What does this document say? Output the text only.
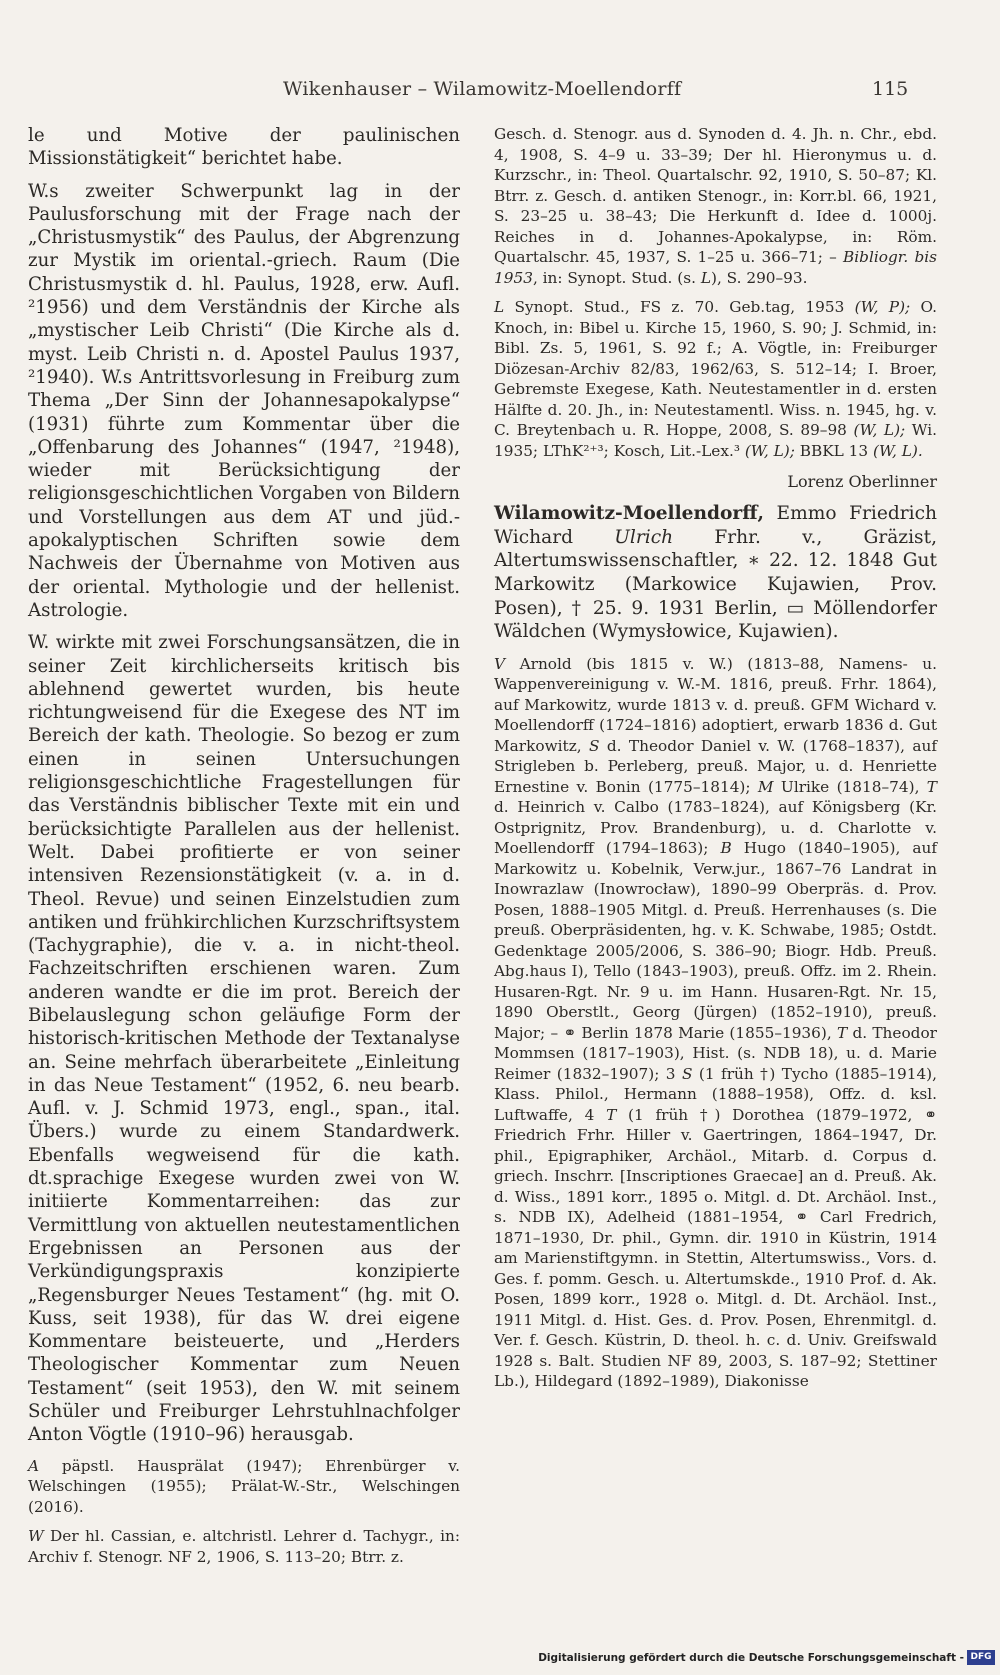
Wikenhauser – Wilamowitz-Moellendorff	115

le und Motive der paulinischen Missionstätigkeit“ berichtet habe.

W.s zweiter Schwerpunkt lag in der Paulusforschung mit der Frage nach der „Christusmystik“ des Paulus, der Abgrenzung zur Mystik im oriental.-griech. Raum (Die Christusmystik d. hl. Paulus, 1928, erw. Aufl. ²1956) und dem Verständnis der Kirche als „mystischer Leib Christi“ (Die Kirche als d. myst. Leib Christi n. d. Apostel Paulus 1937, ²1940). W.s Antrittsvorlesung in Freiburg zum Thema „Der Sinn der Johannesapokalypse“ (1931) führte zum Kommentar über die „Offenbarung des Johannes“ (1947, ²1948), wieder mit Berücksichtigung der religionsgeschichtlichen Vorgaben von Bildern und Vorstellungen aus dem AT und jüd.-apokalyptischen Schriften sowie dem Nachweis der Übernahme von Motiven aus der oriental. Mythologie und der hellenist. Astrologie.

W. wirkte mit zwei Forschungsansätzen, die in seiner Zeit kirchlicherseits kritisch bis ablehnend gewertet wurden, bis heute richtungweisend für die Exegese des NT im Bereich der kath. Theologie. So bezog er zum einen in seinen Untersuchungen religionsgeschichtliche Fragestellungen für das Verständnis biblischer Texte mit ein und berücksichtigte Parallelen aus der hellenist. Welt. Dabei profitierte er von seiner intensiven Rezensionstätigkeit (v. a. in d. Theol. Revue) und seinen Einzelstudien zum antiken und frühkirchlichen Kurzschriftsystem (Tachygraphie), die v. a. in nicht-theol. Fachzeitschriften erschienen waren. Zum anderen wandte er die im prot. Bereich der Bibelauslegung schon geläufige Form der historisch-kritischen Methode der Textanalyse an. Seine mehrfach überarbeitete „Einleitung in das Neue Testament“ (1952, 6. neu bearb. Aufl. v. J. Schmid 1973, engl., span., ital. Übers.) wurde zu einem Standardwerk. Ebenfalls wegweisend für die kath. dt.sprachige Exegese wurden zwei von W. initiierte Kommentarreihen: das zur Vermittlung von aktuellen neutestamentlichen Ergebnissen an Personen aus der Verkündigungspraxis konzipierte „Regensburger Neues Testament“ (hg. mit O. Kuss, seit 1938), für das W. drei eigene Kommentare beisteuerte, und „Herders Theologischer Kommentar zum Neuen Testament“ (seit 1953), den W. mit seinem Schüler und Freiburger Lehrstuhlnachfolger Anton Vögtle (1910–96) herausgab.

A päpstl. Hausprälat (1947); Ehrenbürger v. Welschingen (1955); Prälat-W.-Str., Welschingen (2016).

W Der hl. Cassian, e. altchristl. Lehrer d. Tachygr., in: Archiv f. Stenogr. NF 2, 1906, S. 113–20; Btrr. z.

Gesch. d. Stenogr. aus d. Synoden d. 4. Jh. n. Chr., ebd. 4, 1908, S. 4–9 u. 33–39; Der hl. Hieronymus u. d. Kurzschr., in: Theol. Quartalschr. 92, 1910, S. 50–87; Kl. Btrr. z. Gesch. d. antiken Stenogr., in: Korr.bl. 66, 1921, S. 23–25 u. 38–43; Die Herkunft d. Idee d. 1000j. Reiches in d. Johannes-Apokalypse, in: Röm. Quartalschr. 45, 1937, S. 1–25 u. 366–71; – Bibliogr. bis 1953, in: Synopt. Stud. (s. L), S. 290–93.

L Synopt. Stud., FS z. 70. Geb.tag, 1953 (W, P); O. Knoch, in: Bibel u. Kirche 15, 1960, S. 90; J. Schmid, in: Bibl. Zs. 5, 1961, S. 92 f.; A. Vögtle, in: Freiburger Diözesan-Archiv 82/83, 1962/63, S. 512–14; I. Broer, Gebremste Exegese, Kath. Neutestamentler in d. ersten Hälfte d. 20. Jh., in: Neutestamentl. Wiss. n. 1945, hg. v. C. Breytenbach u. R. Hoppe, 2008, S. 89–98 (W, L); Wi. 1935; LThK²⁺³; Kosch, Lit.-Lex.³ (W, L); BBKL 13 (W, L).

Lorenz Oberlinner

Wilamowitz-Moellendorff, Emmo Friedrich Wichard Ulrich Frhr. v., Gräzist, Altertumswissenschaftler, ∗ 22. 12. 1848 Gut Markowitz (Markowice Kujawien, Prov. Posen), † 25. 9. 1931 Berlin, ▭ Möllendorfer Wäldchen (Wymysłowice, Kujawien).

V Arnold (bis 1815 v. W.) (1813–88, Namens- u. Wappenvereinigung v. W.-M. 1816, preuß. Frhr. 1864), auf Markowitz, wurde 1813 v. d. preuß. GFM Wichard v. Moellendorff (1724–1816) adoptiert, erwarb 1836 d. Gut Markowitz, S d. Theodor Daniel v. W. (1768–1837), auf Strigleben b. Perleberg, preuß. Major, u. d. Henriette Ernestine v. Bonin (1775–1814); M Ulrike (1818–74), T d. Heinrich v. Calbo (1783–1824), auf Königsberg (Kr. Ostprignitz, Prov. Brandenburg), u. d. Charlotte v. Moellendorff (1794–1863); B Hugo (1840–1905), auf Markowitz u. Kobelnik, Verw.jur., 1867–76 Landrat in Inowrazlaw (Inowrocław), 1890–99 Oberpräs. d. Prov. Posen, 1888–1905 Mitgl. d. Preuß. Herrenhauses (s. Die preuß. Oberpräsidenten, hg. v. K. Schwabe, 1985; Ostdt. Gedenktage 2005/2006, S. 386–90; Biogr. Hdb. Preuß. Abg.haus I), Tello (1843–1903), preuß. Offz. im 2. Rhein. Husaren-Rgt. Nr. 9 u. im Hann. Husaren-Rgt. Nr. 15, 1890 Oberstlt., Georg (Jürgen) (1852–1910), preuß. Major; – ⚭ Berlin 1878 Marie (1855–1936), T d. Theodor Mommsen (1817–1903), Hist. (s. NDB 18), u. d. Marie Reimer (1832–1907); 3 S (1 früh †) Tycho (1885–1914), Klass. Philol., Hermann (1888–1958), Offz. d. ksl. Luftwaffe, 4 T (1 früh †) Dorothea (1879–1972, ⚭ Friedrich Frhr. Hiller v. Gaertringen, 1864–1947, Dr. phil., Epigraphiker, Archäol., Mitarb. d. Corpus d. griech. Inschrr. [Inscriptiones Graecae] an d. Preuß. Ak. d. Wiss., 1891 korr., 1895 o. Mitgl. d. Dt. Archäol. Inst., s. NDB IX), Adelheid (1881–1954, ⚭ Carl Fredrich, 1871–1930, Dr. phil., Gymn. dir. 1910 in Küstrin, 1914 am Marienstiftgymn. in Stettin, Altertumswiss., Vors. d. Ges. f. pomm. Gesch. u. Altertumskde., 1910 Prof. d. Ak. Posen, 1899 korr., 1928 o. Mitgl. d. Dt. Archäol. Inst., 1911 Mitgl. d. Hist. Ges. d. Prov. Posen, Ehrenmitgl. d. Ver. f. Gesch. Küstrin, D. theol. h. c. d. Univ. Greifswald 1928 s. Balt. Studien NF 89, 2003, S. 187–92; Stettiner Lb.), Hildegard (1892–1989), Diakonisse

Digitalisierung gefördert durch die Deutsche Forschungsgemeinschaft - DFG
